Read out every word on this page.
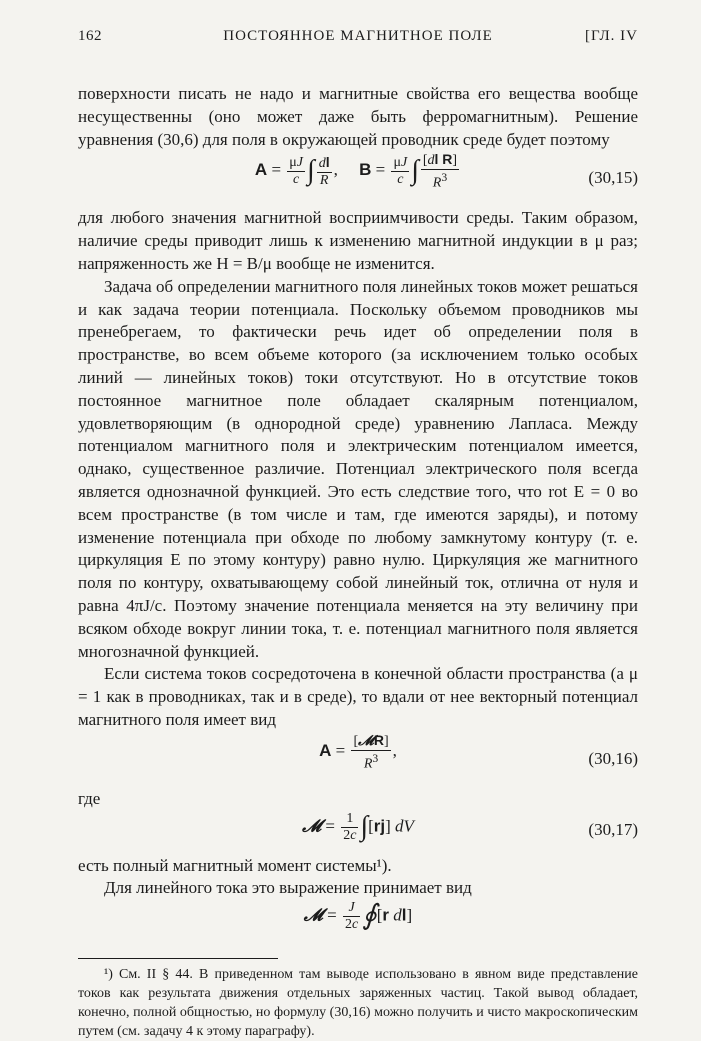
162	ПОСТОЯННОЕ МАГНИТНОЕ ПОЛЕ	[ГЛ. IV

поверхности писать не надо и магнитные свойства его вещества вообще несущественны (оно может даже быть ферромагнитным). Решение уравнения (30,6) для поля в окружающей проводник среде будет поэтому

$A = \frac{\mu J}{c}$ ∫ $\frac{dl}{R}$ ,     $B = \frac{\mu J}{c}$ ∫ $\frac{\text{[dl R]}}{R^3}$	(30,15)

для любого значения магнитной восприимчивости среды. Таким образом, наличие среды приводит лишь к изменению магнитной индукции в μ раз; напряженность же H = B/μ вообще не изменится.

Задача об определении магнитного поля линейных токов может решаться и как задача теории потенциала. Поскольку объемом проводников мы пренебрегаем, то фактически речь идет об определении поля в пространстве, во всем объеме которого (за исключением только особых линий — линейных токов) токи отсутствуют. Но в отсутствие токов постоянное магнитное поле обладает скалярным потенциалом, удовлетворяющим (в однородной среде) уравнению Лапласа. Между потенциалом магнитного поля и электрическим потенциалом имеется, однако, существенное различие. Потенциал электрического поля всегда является однозначной функцией. Это есть следствие того, что rot E = 0 во всем пространстве (в том числе и там, где имеются заряды), и потому изменение потенциала при обходе по любому замкнутому контуру (т. е. циркуляция E по этому контуру) равно нулю. Циркуляция же магнитного поля по контуру, охватывающему собой линейный ток, отлична от нуля и равна 4πJ/c. Поэтому значение потенциала меняется на эту величину при всяком обходе вокруг линии тока, т. е. потенциал магнитного поля является многозначной функцией.

Если система токов сосредоточена в конечной области пространства (а μ = 1 как в проводниках, так и в среде), то вдали от нее векторный потенциал магнитного поля имеет вид

$A = \frac{\text{[𝓜R]}}{R^3}$ ,	(30,16)

где

𝓜 = $\frac{1}{2c} \int[rj]$ dV	(30,17)

есть полный магнитный момент системы¹).

Для линейного тока это выражение принимает вид

𝓜 = $\frac{J}{2c}$ ∮[r dl]

¹) См. II § 44. В приведенном там выводе использовано в явном виде представление токов как результата движения отдельных заряженных частиц. Такой вывод обладает, конечно, полной общностью, но формулу (30,16) можно получить и чисто макроскопическим путем (см. задачу 4 к этому параграфу).
